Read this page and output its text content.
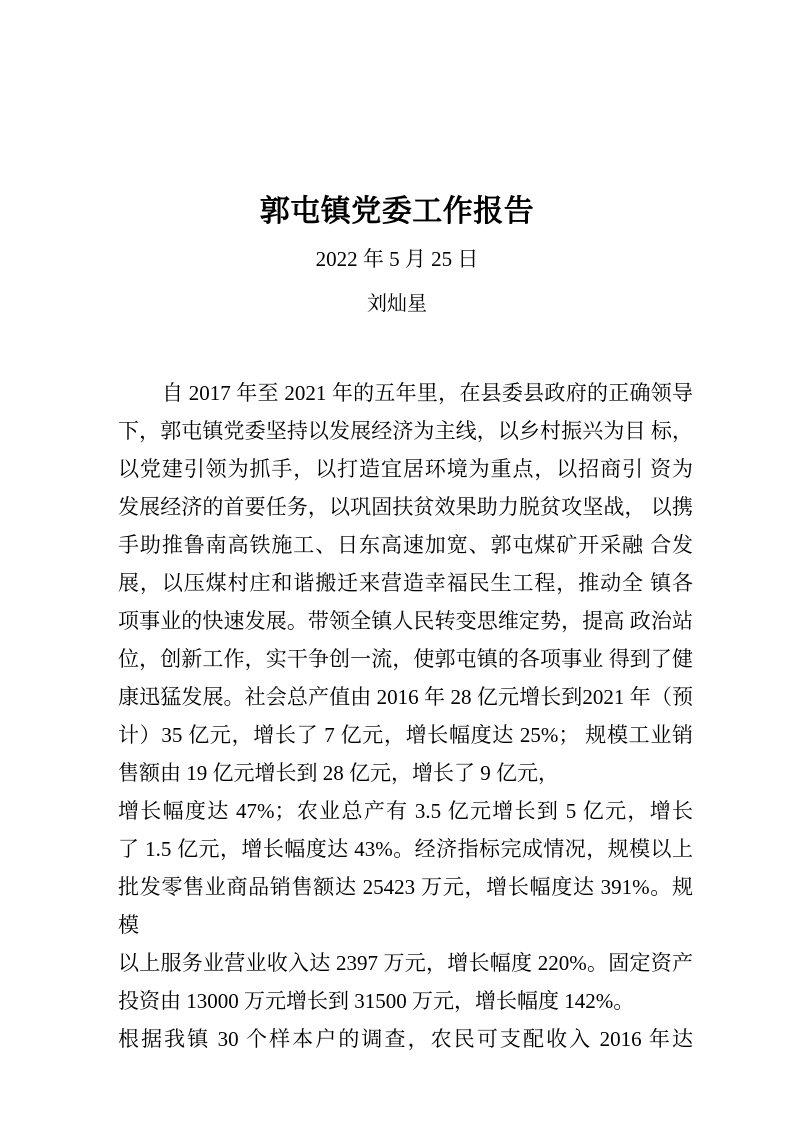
郭屯镇党委工作报告
2022 年 5 月 25 日
刘灿星
自 2017 年至 2021 年的五年里，在县委县政府的正确领导
下，郭屯镇党委坚持以发展经济为主线，以乡村振兴为目 标，
以党建引领为抓手，以打造宜居环境为重点，以招商引 资为
发展经济的首要任务，以巩固扶贫效果助力脱贫攻坚战， 以携
手助推鲁南高铁施工、日东高速加宽、郭屯煤矿开采融 合发
展，以压煤村庄和谐搬迁来营造幸福民生工程，推动全 镇各
项事业的快速发展。带领全镇人民转变思维定势，提高 政治站
位，创新工作，实干争创一流，使郭屯镇的各项事业 得到了健
康迅猛发展。社会总产值由 2016 年 28 亿元增长到2021 年（预
计）35 亿元，增长了 7 亿元，增长幅度达 25%； 规模工业销
售额由 19 亿元增长到 28 亿元，增长了 9 亿元，
增长幅度达 47%；农业总产有 3.5 亿元增长到 5 亿元，增长
了 1.5 亿元，增长幅度达 43%。经济指标完成情况，规模以上
批发零售业商品销售额达 25423 万元，增长幅度达 391%。规模
以上服务业营业收入达 2397 万元，增长幅度 220%。固定资产
投资由 13000 万元增长到 31500 万元，增长幅度 142%。
根据我镇 30 个样本户的调查，农民可支配收入 2016 年达
